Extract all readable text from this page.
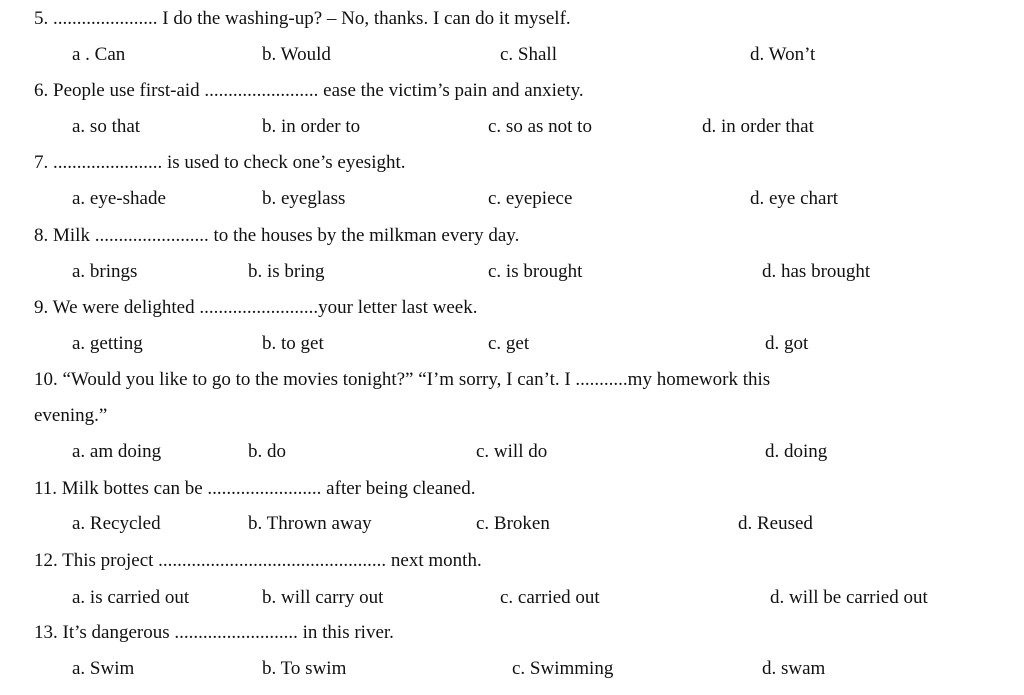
5. ...................... I do the washing-up? – No, thanks. I can do it myself.
a . Can	b. Would	c. Shall	d. Won’t
6. People use first-aid ........................ ease the victim’s pain and anxiety.
a. so that	b. in order to	c. so as not to	d. in order that
7. ....................... is used to check one’s eyesight.
a. eye-shade	b. eyeglass	c. eyepiece	d. eye chart
8. Milk ........................ to the houses by the milkman every day.
a. brings	b. is bring	c. is brought	d. has brought
9. We were delighted .........................your letter last week.
a. getting	b. to get	c. get	d. got
10. “Would you like to go to the movies tonight?” “I’m sorry, I can’t. I ...........my homework this
evening.”
a. am doing	b. do	c. will do	d. doing
11. Milk bottes can be ........................ after being cleaned.
a. Recycled	b. Thrown away	c. Broken	d. Reused
12. This project ................................................ next month.
a. is carried out	b. will carry out	c. carried out	d. will be carried out
13. It’s dangerous .......................... in this river.
a. Swim	b. To swim	c. Swimming	d. swam
